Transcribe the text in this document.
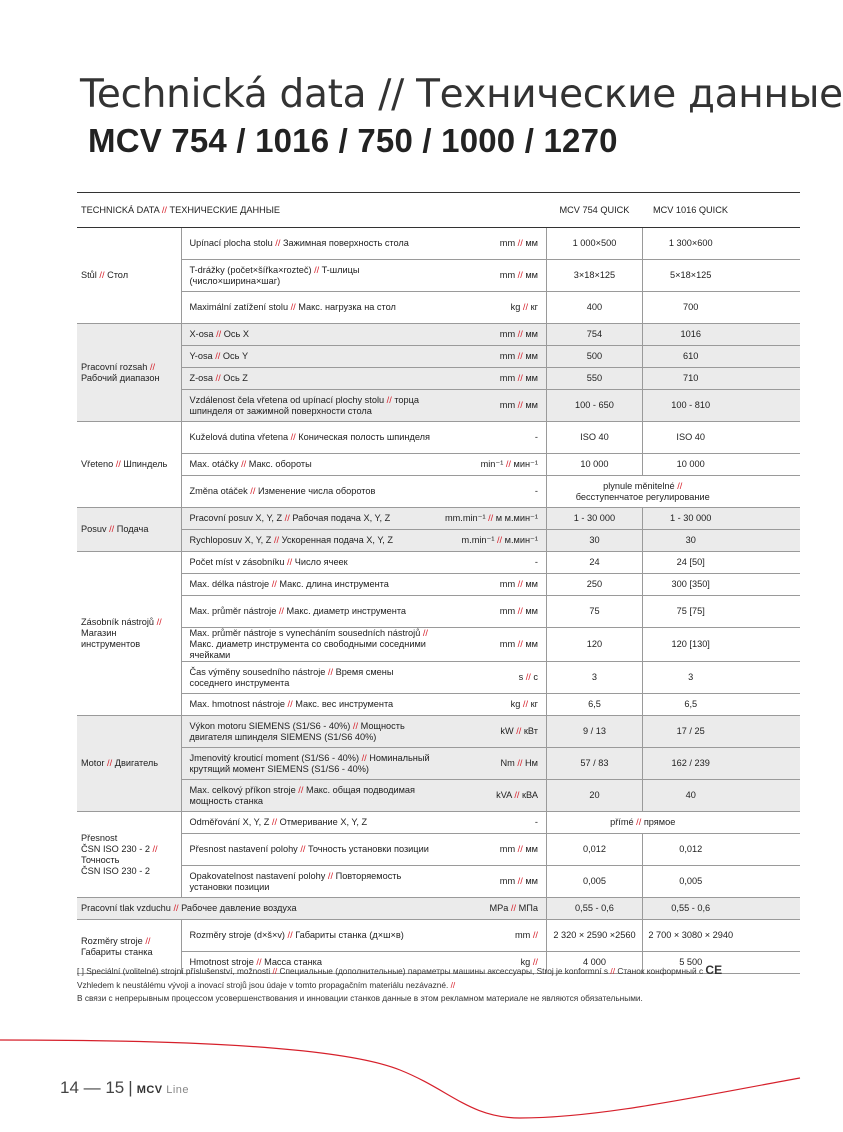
Technická data // Технические данные
MCV 754 / 1016 / 750 / 1000 / 1270
TECHNICKÁ DATA // ТЕХНИЧЕСКИЕ ДАННЫЕ			MCV 754 QUICK	MCV 1016 QUICK	
Stůl // Стол	Upínací plocha stolu // Зажимная поверхность стола	mm // мм	1 000×500	1 300×600	
	T-drážky (počet×šířka×rozteč) // T-шлицы (число×ширина×шаг)	mm // мм	3×18×125	5×18×125	
	Maximální zatížení stolu // Макс. нагрузка на стол	kg // кг	400	700	
Pracovní rozsah // Рабочий диапазон	X-osa // Ось X	mm // мм	754	1016	
	Y-osa // Ось Y	mm // мм	500	610	
	Z-osa // Ось Z	mm // мм	550	710	
	Vzdálenost čela vřetena od upínací plochy stolu // торца шпинделя от зажимной поверхности стола	mm // мм	100 - 650	100 - 810	
Vřeteno // Шпиндель	Kuželová dutina vřetena // Коническая полость шпинделя	-	ISO 40	ISO 40	
	Max. otáčky // Макс. обороты	min⁻¹ // мин⁻¹	10 000	10 000	
	Změna otáček // Изменение числа оборотов	-	plynule měnitelné //
бесступенчатое регулирование		

Posuv // Подача	Pracovní posuv X, Y, Z // Рабочая подача X, Y, Z	mm.min⁻¹ // м м.мин⁻¹	1 - 30 000	1 - 30 000	
	Rychloposuv X, Y, Z // Ускоренная подача X, Y, Z	m.min⁻¹ // м.мин⁻¹	30	30	
Zásobník nástrojů // Магазин инструментов	Počet míst v zásobníku // Число ячеек	-	24	24 [50]	
	Max. délka nástroje // Макс. длина инструмента	mm // мм	250	300 [350]	
	Max. průměr nástroje // Макс. диаметр инструмента	mm // мм	75	75 [75]	
	Max. průměr nástroje s vynecháním sousedních nástrojů // Макс. диаметр инструмента со свободными соседними ячейками	mm // мм	120	120 [130]	
	Čas výměny sousedního nástroje // Время смены соседнего инструмента	s // с	3	3	
	Max. hmotnost nástroje // Макс. вес инструмента	kg // кг	6,5	6,5	
Motor // Двигатель	Výkon motoru SIEMENS (S1/S6 - 40%) // Мощность двигателя шпинделя SIEMENS (S1/S6 40%)	kW // кВт	9 / 13	17 / 25	
	Jmenovitý krouticí moment (S1/S6 - 40%) // Номинальный крутящий момент SIEMENS (S1/S6 - 40%)	Nm // Нм	57 / 83	162 / 239	
	Max. celkový příkon stroje // Макс. общая подводимая мощность станка	kVA // кВА	20	40	

Přesnost
ČSN ISO 230 - 2 //
Точность
ČSN ISO 230 - 2	Odměřování X, Y, Z // Отмеривание X, Y, Z	-	přímé // прямое		
	Přesnost nastavení polohy // Точность установки позиции	mm // мм	0,012	0,012	
	Opakovatelnost nastavení polohy // Повторяемость установки позиции	mm // мм	0,005	0,005	
Pracovní tlak vzduchu // Рабочее давление воздуха		MPa // МПа	0,55 - 0,6	0,55 - 0,6	
Rozměry stroje // Габариты станка	Rozměry stroje (d×š×v) // Габариты станка (д×ш×в)	mm //	2 320 × 2590 ×2560	2 700 × 3080 × 2940	
	Hmotnost stroje // Масса станка	kg //	4 000	5 500	
[ ] Speciální (volitelné) strojní příslušenství, možnosti // Специальные (дополнительные) параметры машины аксессуары, Stroj je konformní s // Станок конформный с CE
Vzhledem k neustálému vývoji a inovací strojů jsou údaje v tomto propagačním materiálu nezávazné. //
В связи с непрерывным процессом усовершенствования и инновации станков данные в этом рекламном материале не являются обязательными.
14 — 15 | MCV Line
